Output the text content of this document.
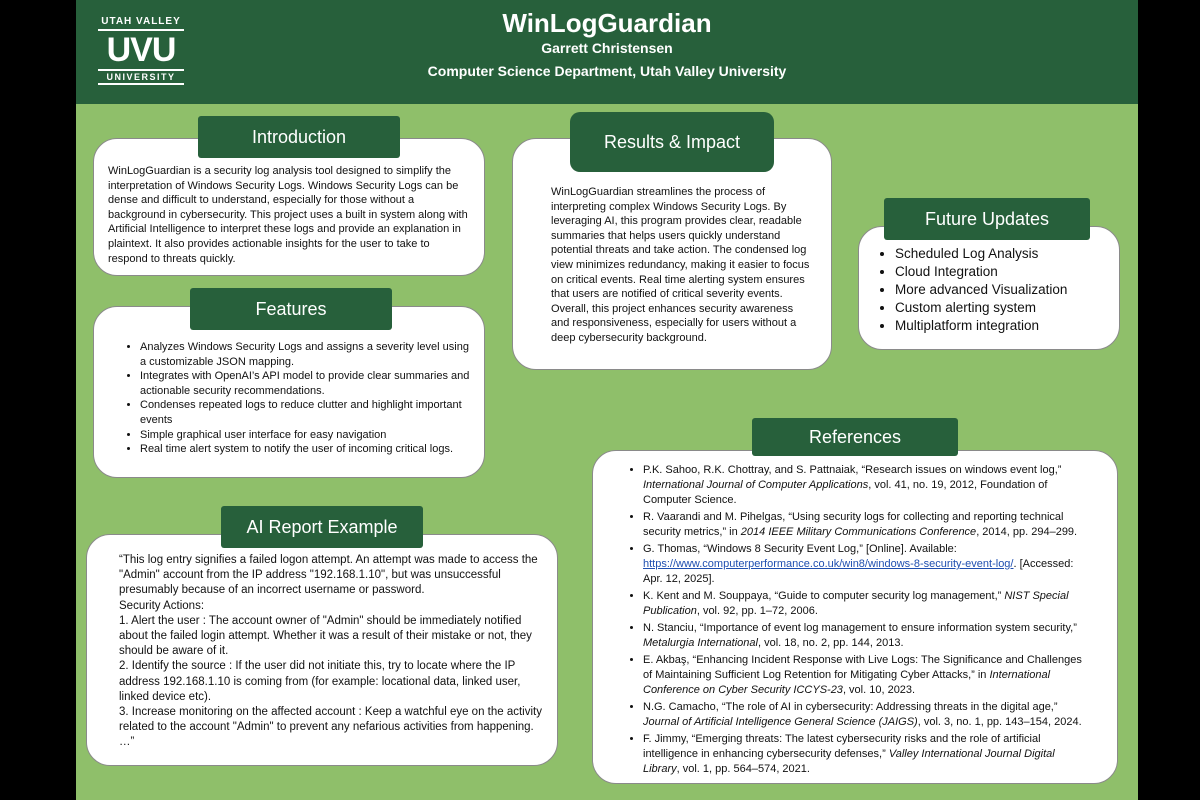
UTAH VALLEY
UVU
UNIVERSITY
WinLogGuardian
Garrett Christensen
Computer Science Department, Utah Valley University

WinLogGuardian is a security log analysis tool designed to simplify the interpretation of Windows Security Logs. Windows Security Logs can be dense and difficult to understand, especially for those without a background in cybersecurity. This project uses a built in system along with Artificial Intelligence to interpret these logs and provide an explanation in plaintext. It also provides actionable insights for the user to take to respond to threats quickly.

Introduction
• Analyzes Windows Security Logs and assigns a severity level using a customizable JSON mapping.
• Integrates with OpenAI’s API model to provide clear summaries and actionable security recommendations.
• Condenses repeated logs to reduce clutter and highlight important events
• Simple graphical user interface for easy navigation
• Real time alert system to notify the user of incoming critical logs.
Features

“This log entry signifies a failed logon attempt. An attempt was made to access the "Admin" account from the IP address "192.168.1.10", but was unsuccessful presumably because of an incorrect username or password.

Security Actions:

1. Alert the user : The account owner of "Admin" should be immediately notified about the failed login attempt. Whether it was a result of their mistake or not, they should be aware of it.

2. Identify the source : If the user did not initiate this, try to locate where the IP address 192.168.1.10 is coming from (for example: locational data, linked user, linked device etc).

3. Increase monitoring on the affected account : Keep a watchful eye on the activity related to the account "Admin" to prevent any nefarious activities from happening. …”

AI Report Example

WinLogGuardian streamlines the process of interpreting complex Windows Security Logs. By leveraging AI, this program provides clear, readable summaries that helps users quickly understand potential threats and take action. The condensed log view minimizes redundancy, making it easier to focus on critical events. Real time alerting system ensures that users are notified of critical severity events. Overall, this project enhances security awareness and responsiveness, especially for users without a deep cybersecurity background.

Results & Impact
• Scheduled Log Analysis
• Cloud Integration
• More advanced Visualization
• Custom alerting system
• Multiplatform integration
Future Updates
• P.K. Sahoo, R.K. Chottray, and S. Pattnaiak, “Research issues on windows event log,” International Journal of Computer Applications, vol. 41, no. 19, 2012, Foundation of Computer Science.
• R. Vaarandi and M. Pihelgas, “Using security logs for collecting and reporting technical security metrics,” in 2014 IEEE Military Communications Conference, 2014, pp. 294–299.
• G. Thomas, “Windows 8 Security Event Log,” [Online]. Available: https://www.computerperformance.co.uk/win8/windows-8-security-event-log/. [Accessed: Apr. 12, 2025].
• K. Kent and M. Souppaya, “Guide to computer security log management,” NIST Special Publication, vol. 92, pp. 1–72, 2006.
• N. Stanciu, “Importance of event log management to ensure information system security,” Metalurgia International, vol. 18, no. 2, pp. 144, 2013.
• E. Akbaş, “Enhancing Incident Response with Live Logs: The Significance and Challenges of Maintaining Sufficient Log Retention for Mitigating Cyber Attacks,” in International Conference on Cyber Security ICCYS-23, vol. 10, 2023.
• N.G. Camacho, “The role of AI in cybersecurity: Addressing threats in the digital age,” Journal of Artificial Intelligence General Science (JAIGS), vol. 3, no. 1, pp. 143–154, 2024.
• F. Jimmy, “Emerging threats: The latest cybersecurity risks and the role of artificial intelligence in enhancing cybersecurity defenses,” Valley International Journal Digital Library, vol. 1, pp. 564–574, 2021.
References
